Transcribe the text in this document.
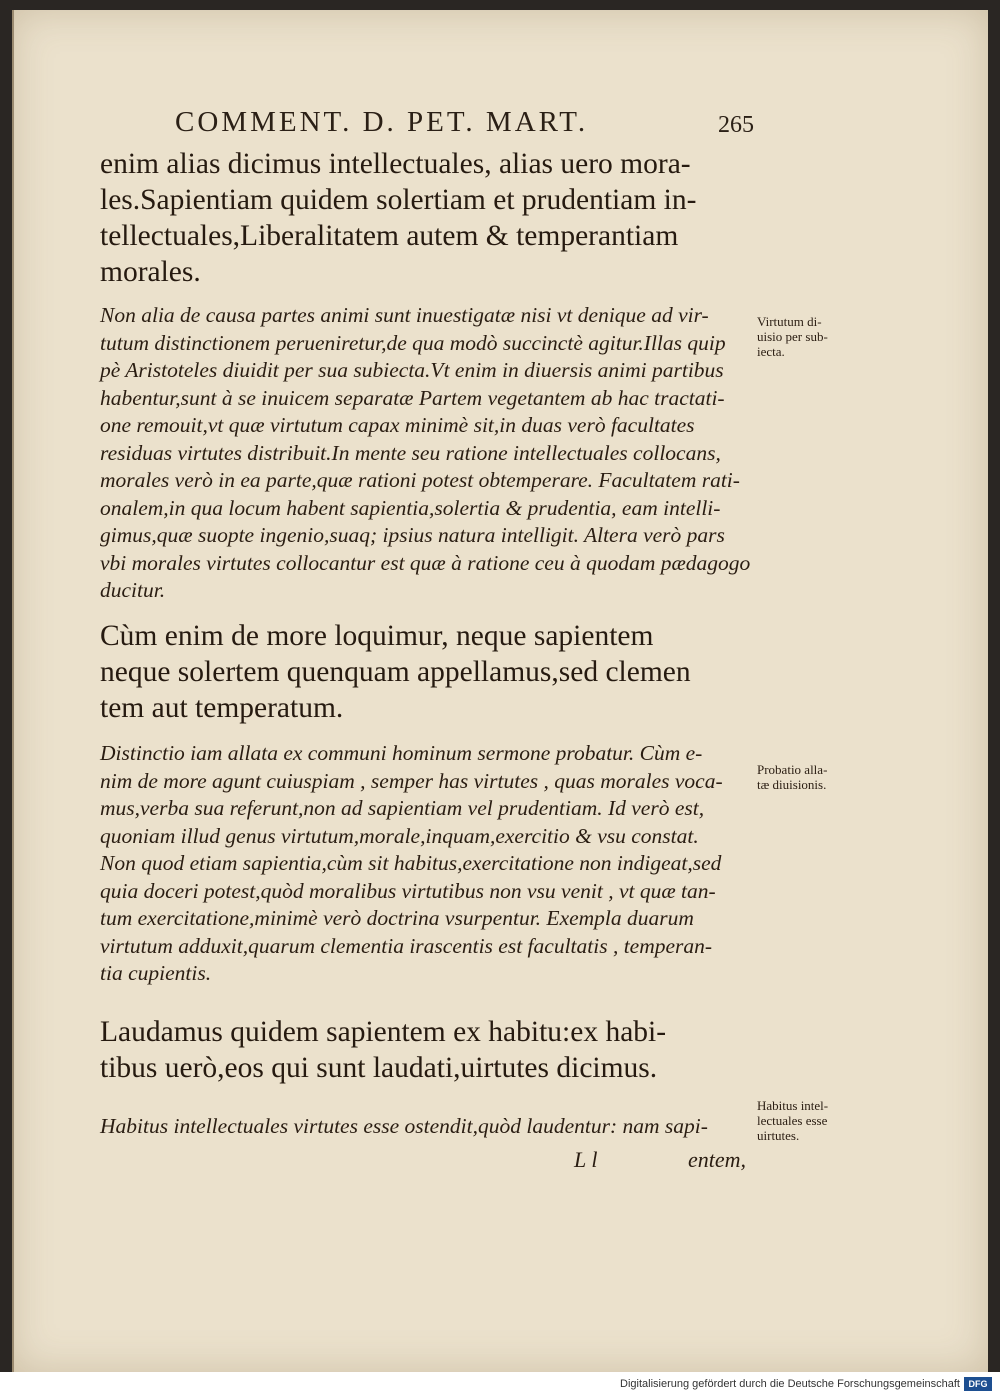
COMMENT. D. PET. MART.	265
enim alias dicimus intellectuales, alias uero mora-
les.Sapientiam quidem solertiam et prudentiam in-
tellectuales,Liberalitatem autem & temperantiam
morales.
Non alia de causa partes animi sunt inuestigatæ nisi vt denique ad vir-
tutum distinctionem perueniretur,de qua modò succinctè agitur.Illas quip
pè Aristoteles diuidit per sua subiecta.Vt enim in diuersis animi partibus
habentur,sunt à se inuicem separatæ Partem vegetantem ab hac tractati-
one remouit,vt quæ virtutum capax minimè sit,in duas verò facultates
residuas virtutes distribuit.In mente seu ratione intellectuales collocans,
morales verò in ea parte,quæ rationi potest obtemperare. Facultatem rati-
onalem,in qua locum habent sapientia,solertia & prudentia, eam intelli-
gimus,quæ suopte ingenio,suaq; ipsius natura intelligit. Altera verò pars
vbi morales virtutes collocantur est quæ à ratione ceu à quodam pædagogo
ducitur.
Cùm enim de more loquimur, neque sapientem
neque solertem quenquam appellamus,sed clemen
tem aut temperatum.
Distinctio iam allata ex communi hominum sermone probatur. Cùm e-
nim de more agunt cuiuspiam , semper has virtutes , quas morales voca-
mus,verba sua referunt,non ad sapientiam vel prudentiam. Id verò est,
quoniam illud genus virtutum,morale,inquam,exercitio & vsu constat.
Non quod etiam sapientia,cùm sit habitus,exercitatione non indigeat,sed
quia doceri potest,quòd moralibus virtutibus non vsu venit , vt quæ tan-
tum exercitatione,minimè verò doctrina vsurpentur. Exempla duarum
virtutum adduxit,quarum clementia irascentis est facultatis , temperan-
tia cupientis.
Laudamus quidem sapientem ex habitu:ex habi-
tibus uerò,eos qui sunt laudati,uirtutes dicimus.
Habitus intellectuales virtutes esse ostendit,quòd laudentur: nam sapi-
Virtutum di-
uisio per sub-
iecta.
Probatio alla-
tæ diuisionis.
Habitus intel-
lectuales esse
uirtutes.
L l	entem,
Digitalisierung gefördert durch die Deutsche Forschungsgemeinschaft DFG
